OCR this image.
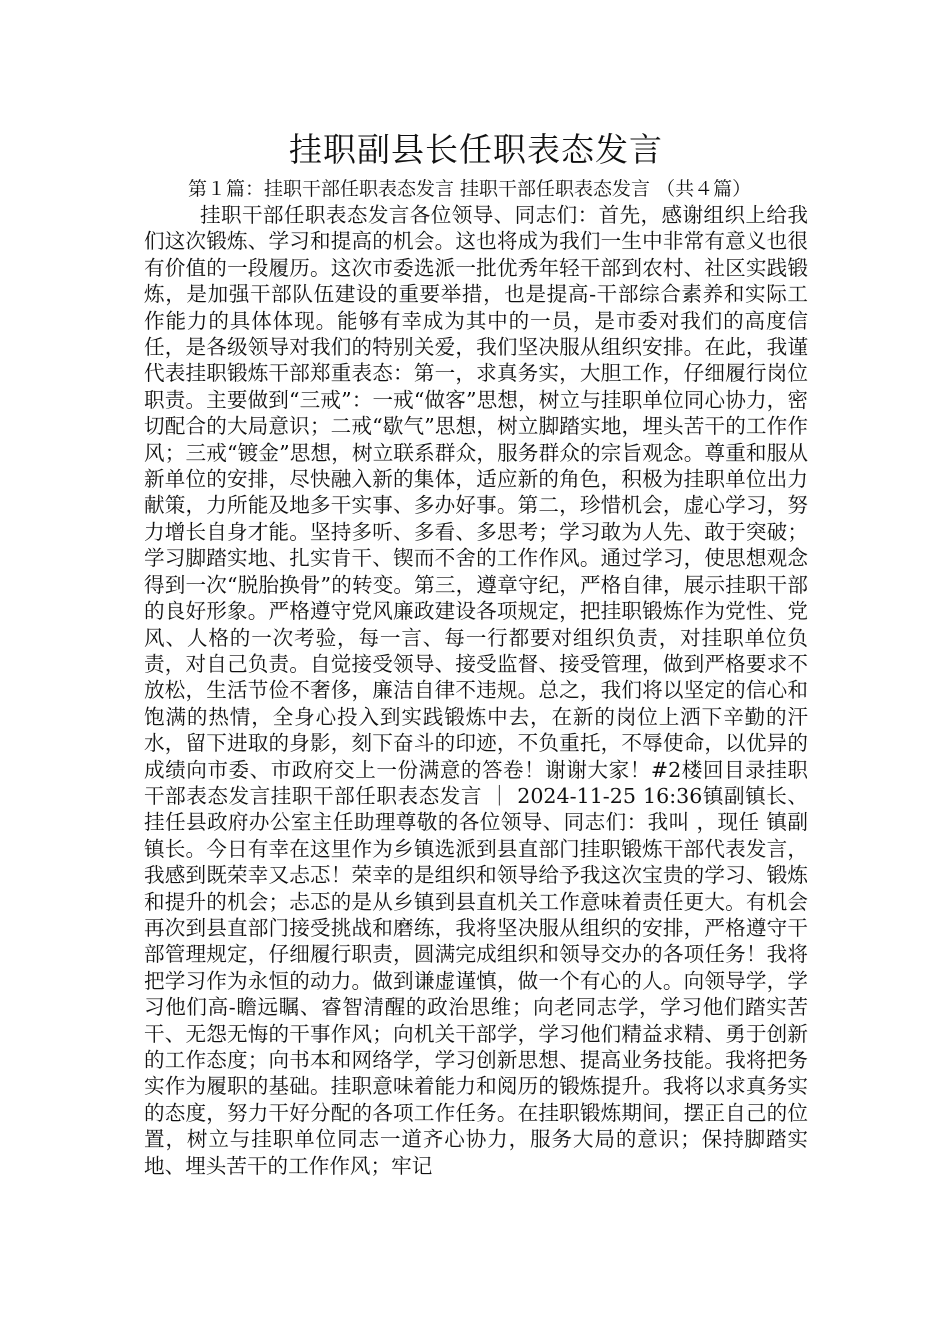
挂职副县长任职表态发言

第１篇：挂职干部任职表态发言 挂职干部任职表态发言 （共４篇）

挂职干部任职表态发言各位领导、同志们：首先，感谢组织上给我们这次锻炼、学习和提高的机会。这也将成为我们一生中非常有意义也很有价值的一段履历。这次市委选派一批优秀年轻干部到农村、社区实践锻炼，是加强干部队伍建设的重要举措，也是提高-干部综合素养和实际工作能力的具体体现。能够有幸成为其中的一员，是市委对我们的高度信任，是各级领导对我们的特别关爱，我们坚决服从组织安排。在此，我谨代表挂职锻炼干部郑重表态：第一，求真务实，大胆工作，仔细履行岗位职责。主要做到“三戒”：一戒“做客”思想，树立与挂职单位同心协力，密切配合的大局意识；二戒“歇气”思想，树立脚踏实地，埋头苦干的工作作风；三戒“镀金”思想，树立联系群众，服务群众的宗旨观念。尊重和服从新单位的安排，尽快融入新的集体，适应新的角色，积极为挂职单位出力献策，力所能及地多干实事、多办好事。第二，珍惜机会，虚心学习，努力增长自身才能。坚持多听、多看、多思考；学习敢为人先、敢于突破；学习脚踏实地、扎实肯干、锲而不舍的工作作风。通过学习，使思想观念得到一次“脱胎换骨”的转变。第三，遵章守纪，严格自律，展示挂职干部的良好形象。严格遵守党风廉政建设各项规定，把挂职锻炼作为党性、党风、人格的一次考验，每一言、每一行都要对组织负责，对挂职单位负责，对自己负责。自觉接受领导、接受监督、接受管理，做到严格要求不放松，生活节俭不奢侈，廉洁自律不违规。总之，我们将以坚定的信心和饱满的热情，全身心投入到实践锻炼中去，在新的岗位上洒下辛勤的汗水，留下进取的身影，刻下奋斗的印迹，不负重托，不辱使命，以优异的成绩向市委、市政府交上一份满意的答卷！谢谢大家！#2楼回目录挂职干部表态发言挂职干部任职表态发言 ｜ 2024-11-25 16:36镇副镇长、挂任县政府办公室主任助理尊敬的各位领导、同志们：我叫 ，现任 镇副镇长。今日有幸在这里作为乡镇选派到县直部门挂职锻炼干部代表发言，我感到既荣幸又忐忑！荣幸的是组织和领导给予我这次宝贵的学习、锻炼和提升的机会；忐忑的是从乡镇到县直机关工作意味着责任更大。有机会再次到县直部门接受挑战和磨练，我将坚决服从组织的安排，严格遵守干部管理规定，仔细履行职责，圆满完成组织和领导交办的各项任务！我将把学习作为永恒的动力。做到谦虚谨慎，做一个有心的人。向领导学，学习他们高-瞻远瞩、睿智清醒的政治思维；向老同志学，学习他们踏实苦干、无怨无悔的干事作风；向机关干部学，学习他们精益求精、勇于创新的工作态度；向书本和网络学，学习创新思想、提高业务技能。我将把务实作为履职的基础。挂职意味着能力和阅历的锻炼提升。我将以求真务实的态度，努力干好分配的各项工作任务。在挂职锻炼期间，摆正自己的位置，树立与挂职单位同志一道齐心协力，服务大局的意识；保持脚踏实地、埋头苦干的工作作风；牢记
